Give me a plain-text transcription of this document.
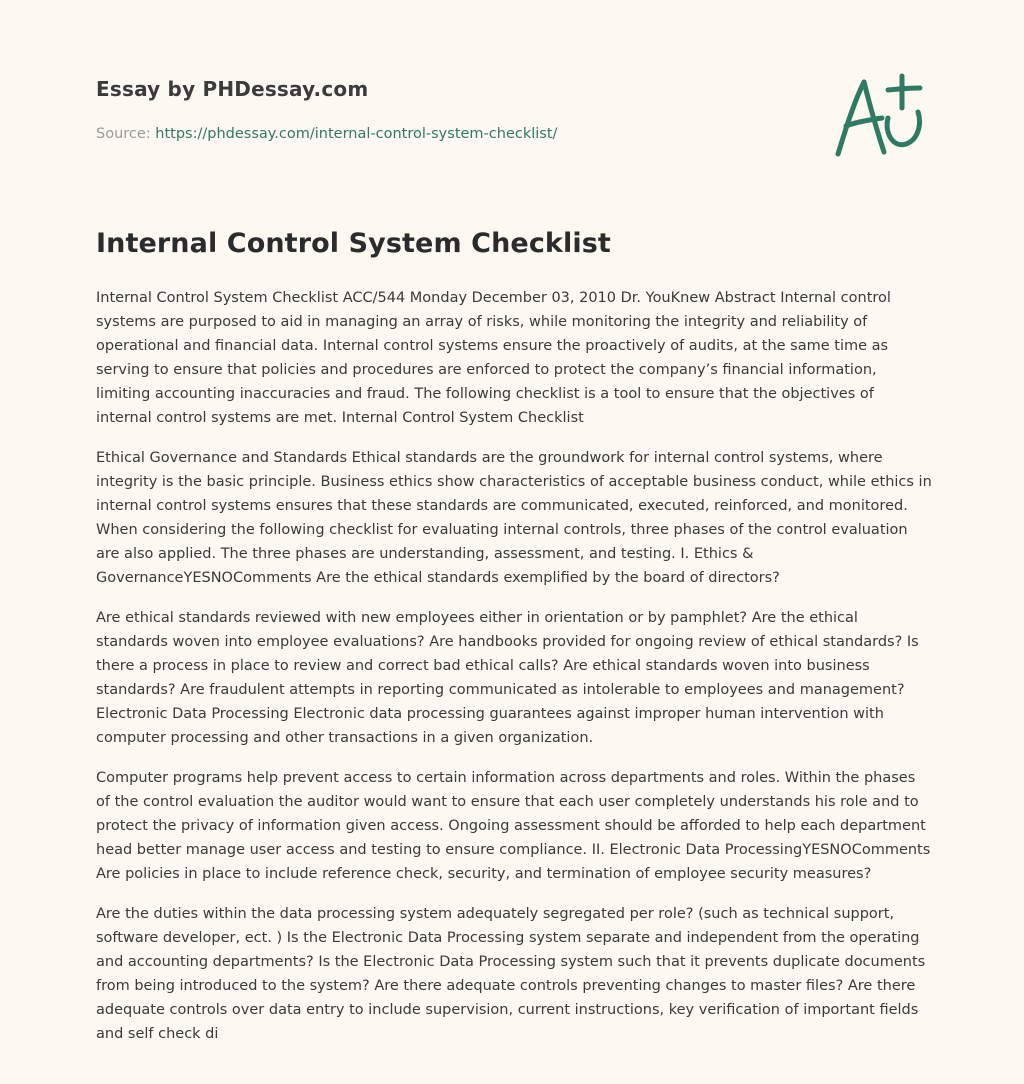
Essay by PHDessay.com
Source: https://phdessay.com/internal-control-system-checklist/
Internal Control System Checklist

Internal Control System Checklist ACC/544 Monday December 03, 2010 Dr. YouKnew Abstract Internal control systems are purposed to aid in managing an array of risks, while monitoring the integrity and reliability of operational and financial data. Internal control systems ensure the proactively of audits, at the same time as serving to ensure that policies and procedures are enforced to protect the company’s financial information, limiting accounting inaccuracies and fraud. The following checklist is a tool to ensure that the objectives of internal control systems are met. Internal Control System Checklist

Ethical Governance and Standards Ethical standards are the groundwork for internal control systems, where integrity is the basic principle. Business ethics show characteristics of acceptable business conduct, while ethics in internal control systems ensures that these standards are communicated, executed, reinforced, and monitored. When considering the following checklist for evaluating internal controls, three phases of the control evaluation are also applied. The three phases are understanding, assessment, and testing. I. Ethics & GovernanceYESNOComments Are the ethical standards exemplified by the board of directors?

Are ethical standards reviewed with new employees either in orientation or by pamphlet? Are the ethical standards woven into employee evaluations? Are handbooks provided for ongoing review of ethical standards? Is there a process in place to review and correct bad ethical calls? Are ethical standards woven into business standards? Are fraudulent attempts in reporting communicated as intolerable to employees and management? Electronic Data Processing Electronic data processing guarantees against improper human intervention with computer processing and other transactions in a given organization.

Computer programs help prevent access to certain information across departments and roles. Within the phases of the control evaluation the auditor would want to ensure that each user completely understands his role and to protect the privacy of information given access. Ongoing assessment should be afforded to help each department head better manage user access and testing to ensure compliance. II. Electronic Data ProcessingYESNOComments Are policies in place to include reference check, security, and termination of employee security measures?

Are the duties within the data processing system adequately segregated per role? (such as technical support, software developer, ect. ) Is the Electronic Data Processing system separate and independent from the operating and accounting departments? Is the Electronic Data Processing system such that it prevents duplicate documents from being introduced to the system? Are there adequate controls preventing changes to master files? Are there adequate controls over data entry to include supervision, current instructions, key verification of important fields and self check di
